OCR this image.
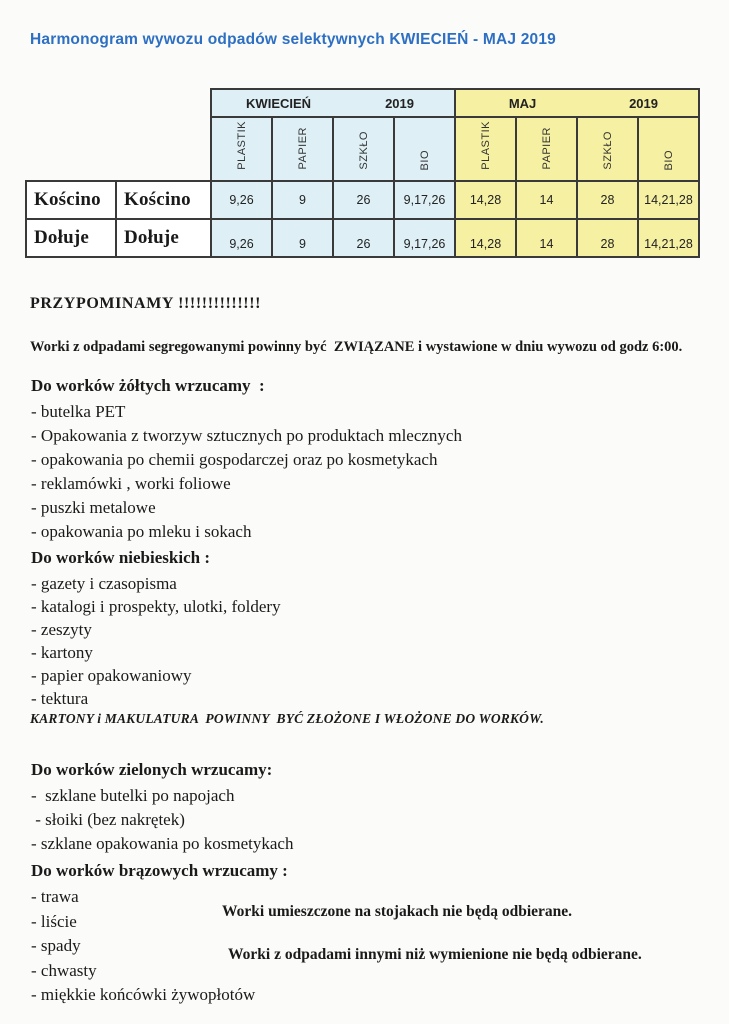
Harmonogram wywozu odpadów selektywnych KWIECIEŃ - MAJ 2019

		KWIECIEŃ 2019				MAJ 2019			

		PLASTIK	PAPIER	SZKŁO	BIO	PLASTIK	PAPIER	SZKŁO	BIO
Kościno	Kościno	9,26	9	26	9,17,26	14,28	14	28	14,21,28
Dołuje	Dołuje	9,26	9	26	9,17,26	14,28	14	28	14,21,28
PRZYPOMINAMY !!!!!!!!!!!!!!
Worki z odpadami segregowanymi powinny być  ZWIĄZANE i wystawione w dniu wywozu od godz 6:00.
Do worków żółtych wrzucamy  :
- butelka PET
- Opakowania z tworzyw sztucznych po produktach mlecznych
- opakowania po chemii gospodarczej oraz po kosmetykach
- reklamówki , worki foliowe
- puszki metalowe
- opakowania po mleku i sokach
Do worków niebieskich :
- gazety i czasopisma
- katalogi i prospekty, ulotki, foldery
- zeszyty
- kartony
- papier opakowaniowy
- tektura
KARTONY i MAKULATURA  POWINNY  BYĆ ZŁOŻONE I WŁOŻONE DO WORKÓW.
Do worków zielonych wrzucamy:
-  szklane butelki po napojach
- słoiki (bez nakrętek)
- szklane opakowania po kosmetykach
Do worków brązowych wrzucamy :
- trawa
- liście
- spady
- chwasty
- miękkie końcówki żywopłotów
Worki umieszczone na stojakach nie będą odbierane.
Worki z odpadami innymi niż wymienione nie będą odbierane.
